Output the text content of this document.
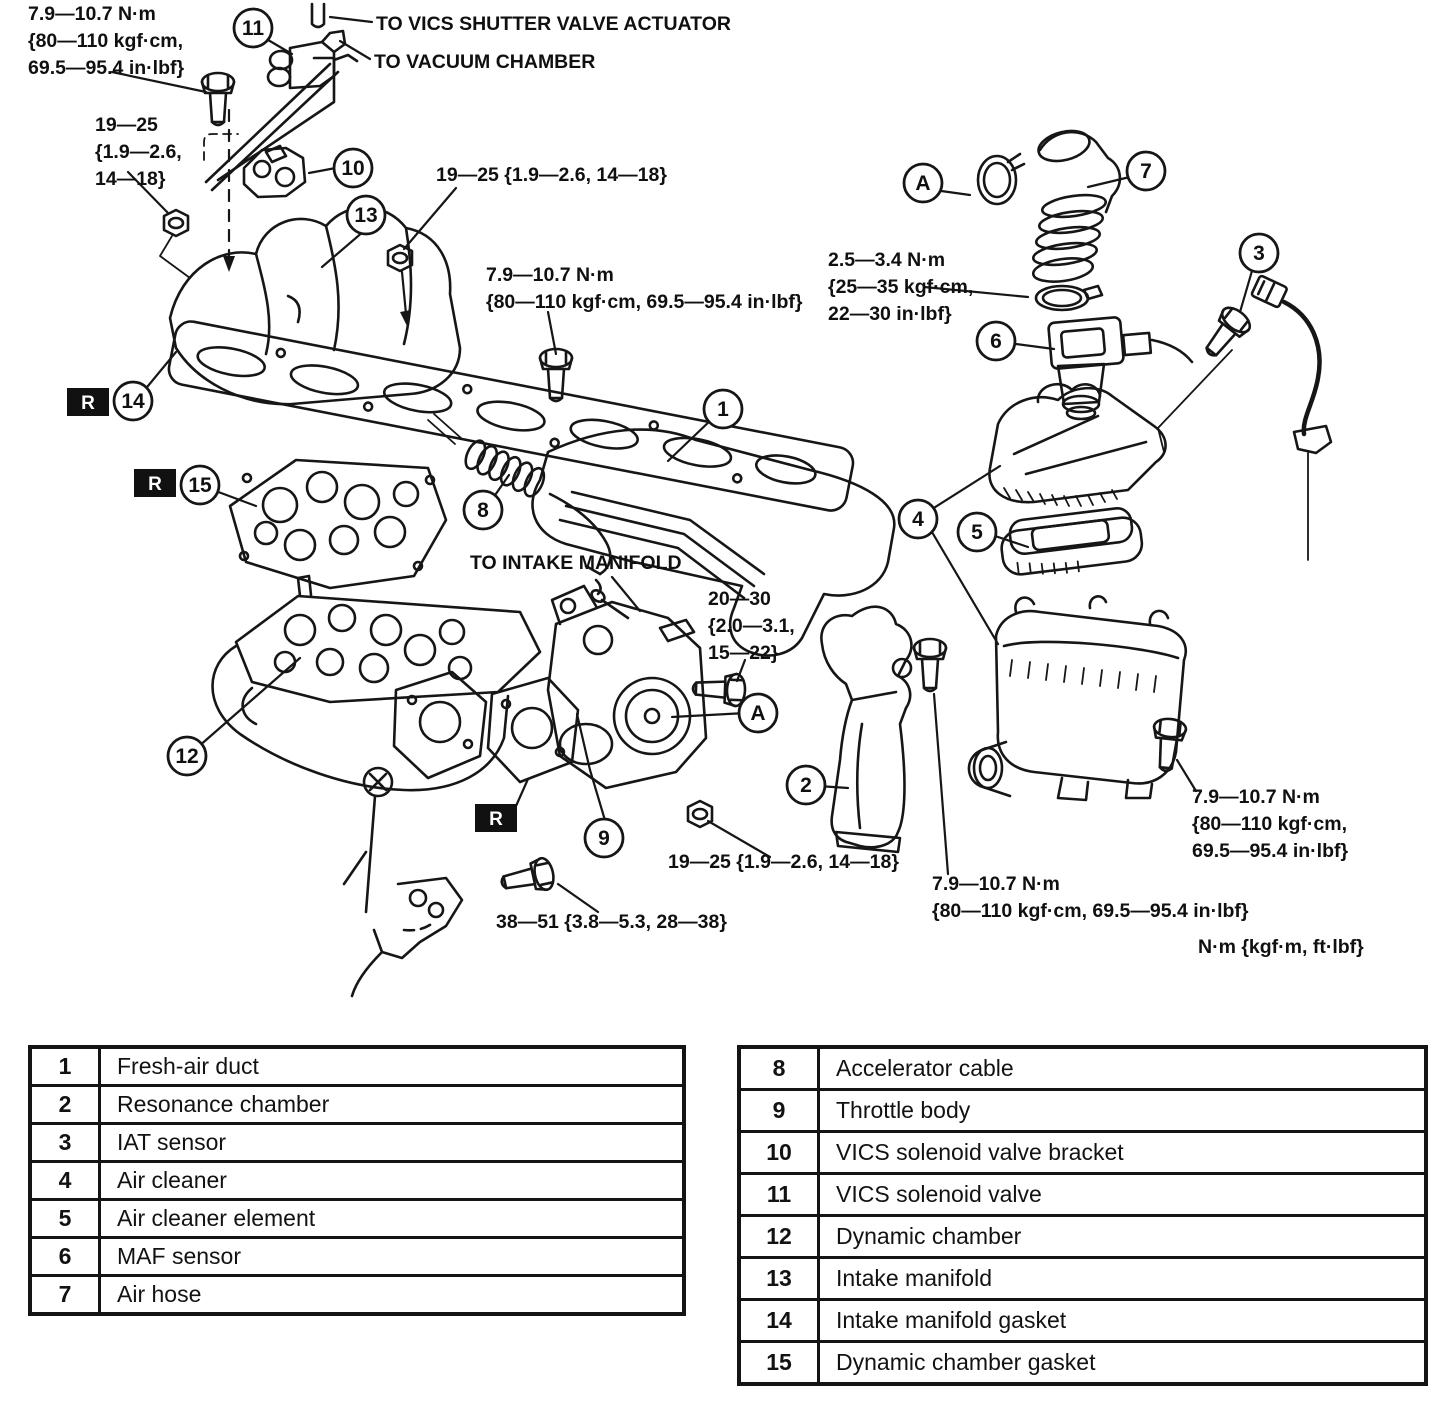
7.9—10.7 N·m
{80—110 kgf·cm,
69.5—95.4 in·lbf}
TO VICS SHUTTER VALVE ACTUATOR
TO VACUUM CHAMBER
19—25
{1.9—2.6,
14—18}	19—25 {1.9—2.6, 14—18}
7.9—10.7 N·m
{80—110 kgf·cm, 69.5—95.4 in·lbf}
2.5—3.4 N·m
{25—35 kgf·cm,
22—30 in·lbf}
TO INTAKE MANIFOLD
20—30
{2.0—3.1,
15—22}
19—25 {1.9—2.6, 14—18}
38—51 {3.8—5.3, 28—38}
7.9—10.7 N·m
{80—110 kgf·cm,
69.5—95.4 in·lbf}
7.9—10.7 N·m
{80—110 kgf·cm, 69.5—95.4 in·lbf}
N·m {kgf·m, ft·lbf}
11
10
13
14
15
12
8
1
9
2
A
A
7
6
3
4
5
R
R
R
1	Fresh-air duct
2	Resonance chamber
3	IAT sensor
4	Air cleaner
5	Air cleaner element
6	MAF sensor
7	Air hose
8	Accelerator cable
9	Throttle body
10	VICS solenoid valve bracket
11	VICS solenoid valve
12	Dynamic chamber
13	Intake manifold
14	Intake manifold gasket
15	Dynamic chamber gasket
